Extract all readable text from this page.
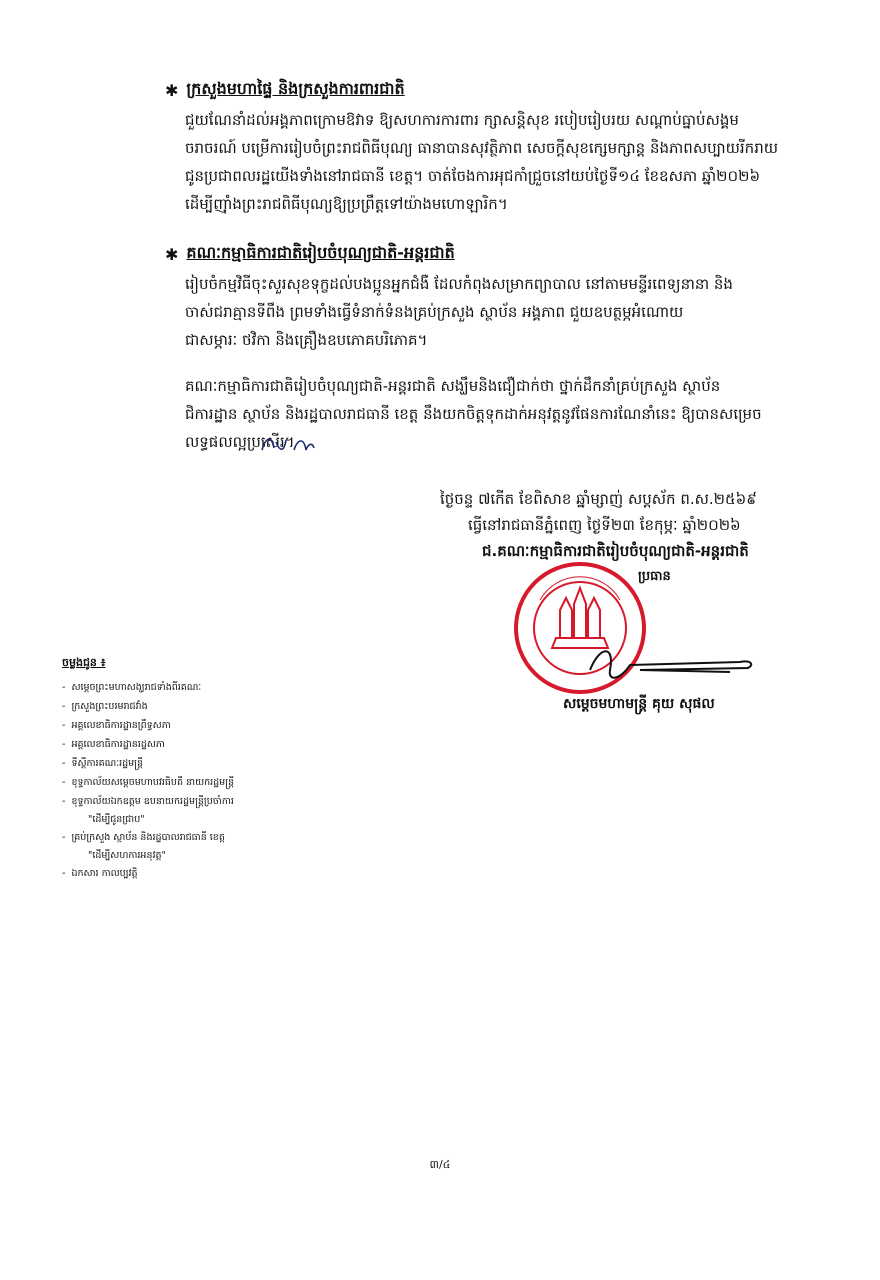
✱ ក្រសួងមហាផ្ទៃ និងក្រសួងការពារជាតិ
ជួយណែនាំដល់អង្គភាពក្រោមឱវាទ ឱ្យសហការការពារ ក្សាសន្តិសុខ របៀបរៀបរយ សណ្តាប់ធ្នាប់សង្គម
ចរាចរណ៍ បម្រើការរៀបចំព្រះរាជពិធីបុណ្យ ធានាបានសុវត្ថិភាព សេចក្តីសុខក្សេមក្សាន្ត និងភាពសប្បាយរីករាយ
ជូនប្រជាពលរដ្ឋយើងទាំងនៅរាជធានី ខេត្ត។ ចាត់ចែងការអុជកាំជ្រួចនៅយប់ថ្ងៃទី១៤ ខែឧសភា ឆ្នាំ២០២៦
ដើម្បីញ៉ាំងព្រះរាជពិធីបុណ្យឱ្យប្រព្រឹត្តទៅយ៉ាងមហោឡារិក។
✱ គណៈកម្មាធិការជាតិរៀបចំបុណ្យជាតិ-អន្តរជាតិ
រៀបចំកម្មវិធីចុះសួរសុខទុក្ខដល់បងប្អូនអ្នកជំងឺ ដែលកំពុងសម្រាកព្យាបាល នៅតាមមន្ទីរពេទ្យនានា និង
ចាស់ជរាគ្មានទីពឹង ព្រមទាំងធ្វើទំនាក់ទំនងគ្រប់ក្រសួង ស្ថាប័ន អង្គភាព ជួយឧបត្ថម្ភអំណោយ
ជាសម្ភារៈ ថវិកា និងគ្រឿងឧបភោគបរិភោគ។
គណៈកម្មាធិការជាតិរៀបចំបុណ្យជាតិ-អន្តរជាតិ សង្ឃឹមនិងជឿជាក់ថា ថ្នាក់ដឹកនាំគ្រប់ក្រសួង ស្ថាប័ន
ជិការដ្ឋាន ស្ថាប័ន និងរដ្ឋបាលរាជធានី ខេត្ត នឹងយកចិត្តទុកដាក់អនុវត្តនូវផែនការណែនាំនេះ ឱ្យបានសម្រេច
លទ្ធផលល្អប្រសើរ។
ថ្ងៃចន្ទ ៧កើត ខែពិសាខ ឆ្នាំម្សាញ់ សប្តស័ក ព.ស.២៥៦៩
ធ្វើនៅរាជធានីភ្នំពេញ ថ្ងៃទី២៣ ខែកុម្ភៈ ឆ្នាំ២០២៦
ជ.គណៈកម្មាធិការជាតិរៀបចំបុណ្យជាតិ-អន្តរជាតិ
ប្រធាន
សម្តេចមហាមន្ត្រី គុយ សុផល
ចម្លងជូន ៖
- សម្តេចព្រះមហាសង្ឃរាជទាំងពីរគណៈ
- ក្រសួងព្រះបរមរាជវាំង
- អគ្គលេខាធិការដ្ឋានព្រឹទ្ធសភា
- អគ្គលេខាធិការដ្ឋានរដ្ឋសភា
- ទីស្តីការគណៈរដ្ឋមន្ត្រី
- ខុទ្ទកាល័យសម្តេចមហាបវរធិបតី នាយករដ្ឋមន្ត្រី
- ខុទ្ទកាល័យឯកឧត្តម ឧបនាយករដ្ឋមន្ត្រីប្រចាំការ
"ដើម្បីជូនជ្រាប"
- គ្រប់ក្រសួង ស្ថាប័ន និងរដ្ឋបាលរាជធានី ខេត្ត
"ដើម្បីសហការអនុវត្ត"
- ឯកសារ កាលប្បវត្តិ
៣/៤
